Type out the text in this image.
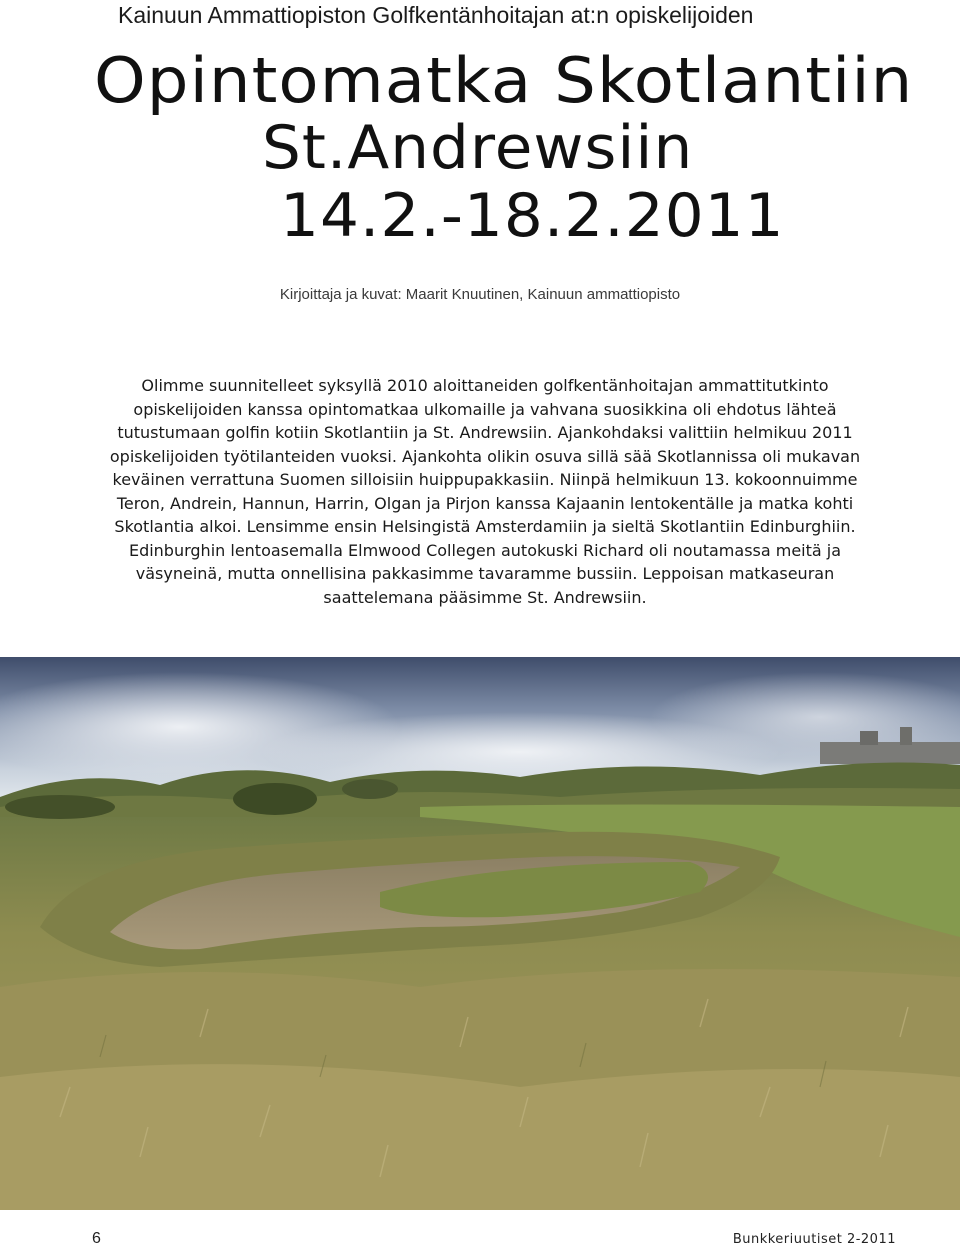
Kainuun Ammattiopiston Golfkentänhoitajan at:n opiskelijoiden
Opintomatka Skotlantiin
St.Andrewsiin
14.2.-18.2.2011
Kirjoittaja ja kuvat: Maarit Knuutinen, Kainuun ammattiopisto

Olimme suunnitelleet syksyllä 2010 aloittaneiden golfkentänhoitajan ammattitutkinto opiskelijoiden kanssa opintomatkaa ulkomaille ja vahvana suosikkina oli ehdotus lähteä tutustumaan golfin kotiin Skotlantiin ja St. Andrewsiin. Ajankohdaksi valittiin helmikuu 2011 opiskelijoiden työtilanteiden vuoksi. Ajankohta olikin osuva sillä sää Skotlannissa oli mukavan keväinen verrattuna Suomen silloisiin huippupakkasiin. Niinpä helmikuun 13. kokoonnuimme Teron, Andrein, Hannun, Harrin, Olgan ja Pirjon kanssa Kajaanin lentokentälle ja matka kohti Skotlantia alkoi. Lensimme ensin Helsingistä Amsterdamiin ja sieltä Skotlantiin Edinburghiin. Edinburghin lentoasemalla Elmwood Collegen autokuski Richard oli noutamassa meitä ja väsyneinä, mutta onnellisina pakkasimme tavaramme bussiin. Leppoisan matkaseuran saattelemana pääsimme St. Andrewsiin.

6	Bunkkeriuutiset 2-2011
